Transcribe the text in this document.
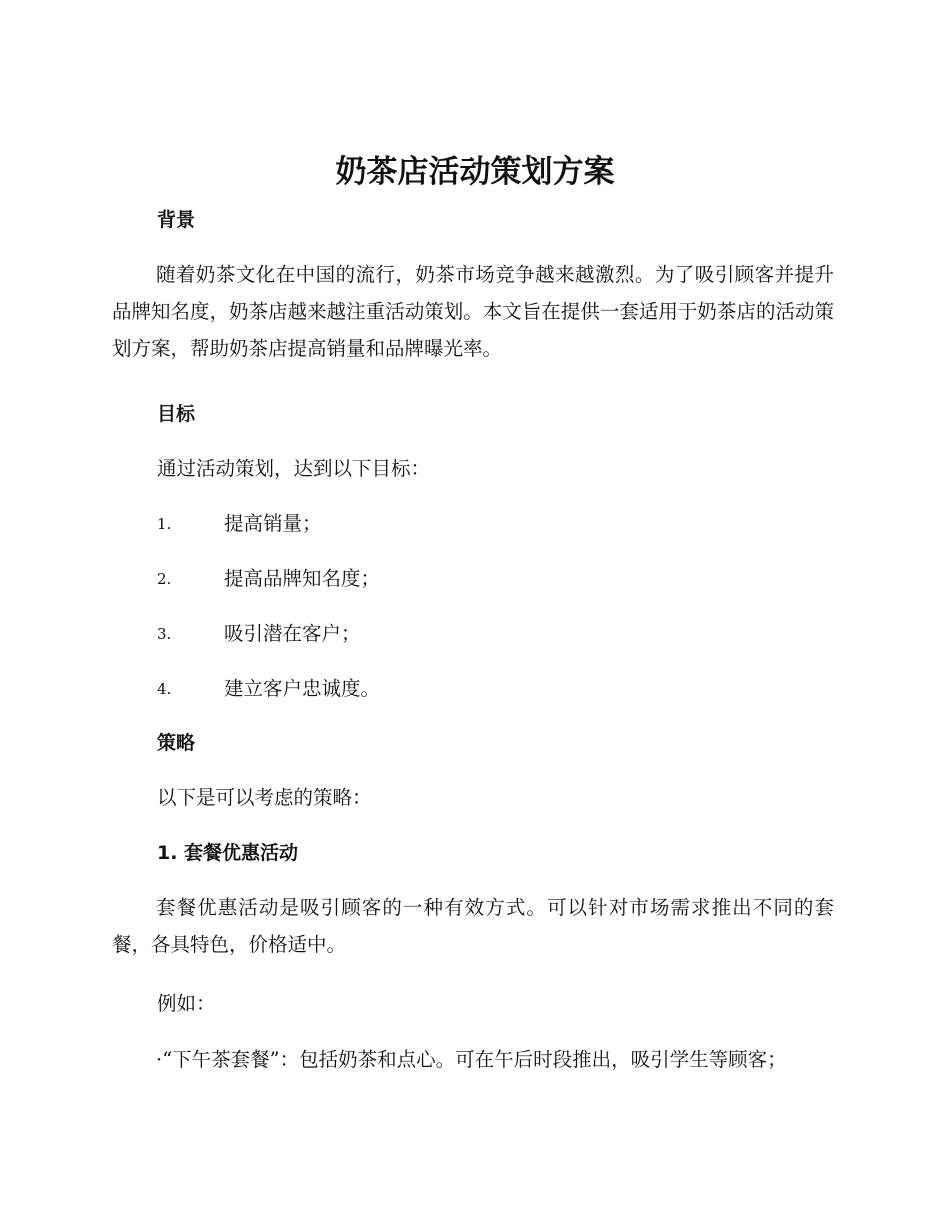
奶茶店活动策划方案
背景

随着奶茶文化在中国的流行，奶茶市场竞争越来越激烈。为了吸引顾客并提升品牌知名度，奶茶店越来越注重活动策划。本文旨在提供一套适用于奶茶店的活动策划方案，帮助奶茶店提高销量和品牌曝光率。

目标

通过活动策划，达到以下目标：

1.	提高销量；
2.	提高品牌知名度；
3.	吸引潜在客户；
4.	建立客户忠诚度。
策略

以下是可以考虑的策略：

1. 套餐优惠活动

套餐优惠活动是吸引顾客的一种有效方式。可以针对市场需求推出不同的套餐，各具特色，价格适中。

例如：

·“下午茶套餐”：包括奶茶和点心。可在午后时段推出，吸引学生等顾客；
